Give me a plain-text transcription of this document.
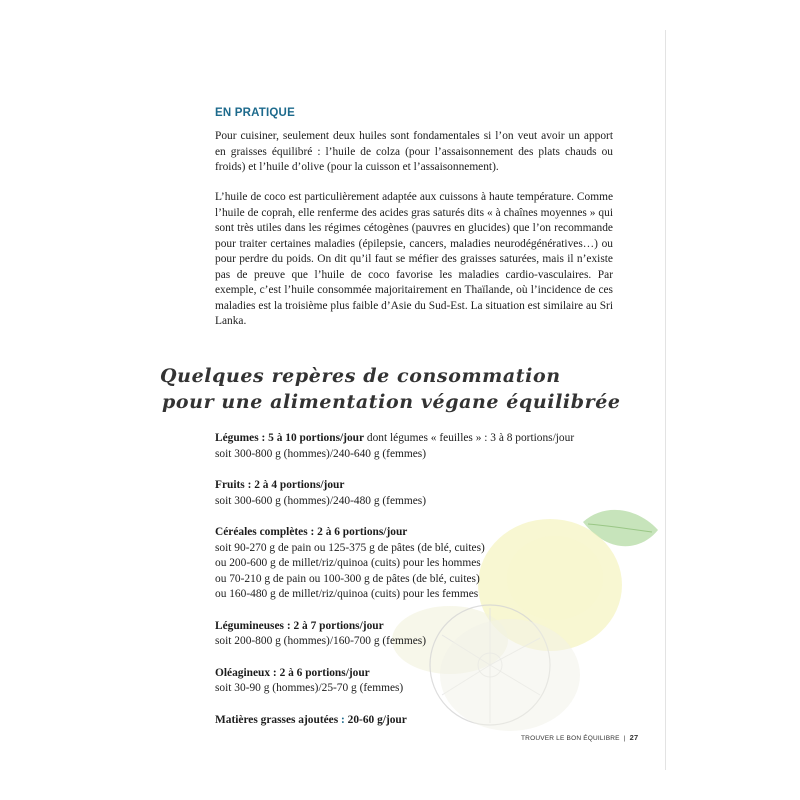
EN PRATIQUE

Pour cuisiner, seulement deux huiles sont fondamentales si l’on veut avoir un apport en graisses équilibré : l’huile de colza (pour l’assaisonnement des plats chauds ou froids) et l’huile d’olive (pour la cuisson et l’assaisonnement).

L’huile de coco est particulièrement adaptée aux cuissons à haute température. Comme l’huile de coprah, elle renferme des acides gras saturés dits « à chaînes moyennes » qui sont très utiles dans les régimes cétogènes (pauvres en glucides) que l’on recommande pour traiter certaines maladies (épilepsie, cancers, maladies neurodégénératives…) ou pour perdre du poids. On dit qu’il faut se méfier des graisses saturées, mais il n’existe pas de preuve que l’huile de coco favorise les maladies cardio-vasculaires. Par exemple, c’est l’huile consommée majoritairement en Thaïlande, où l’incidence de ces maladies est la troisième plus faible d’Asie du Sud-Est. La situation est similaire au Sri Lanka.

Quelques repères de consommation
pour une alimentation végane équilibrée

Légumes : 5 à 10 portions/jour dont légumes « feuilles » : 3 à 8 portions/jour
soit 300-800 g (hommes)/240-640 g (femmes)

Fruits : 2 à 4 portions/jour
soit 300-600 g (hommes)/240-480 g (femmes)

Céréales complètes : 2 à 6 portions/jour
soit 90-270 g de pain ou 125-375 g de pâtes (de blé, cuites)
ou 200-600 g de millet/riz/quinoa (cuits) pour les hommes
ou 70-210 g de pain ou 100-300 g de pâtes (de blé, cuites)
ou 160-480 g de millet/riz/quinoa (cuits) pour les femmes

Légumineuses : 2 à 7 portions/jour
soit 200-800 g (hommes)/160-700 g (femmes)

Oléagineux : 2 à 6 portions/jour
soit 30-90 g (hommes)/25-70 g (femmes)

Matières grasses ajoutées : 20-60 g/jour

TROUVER LE BON ÉQUILIBRE | 27
